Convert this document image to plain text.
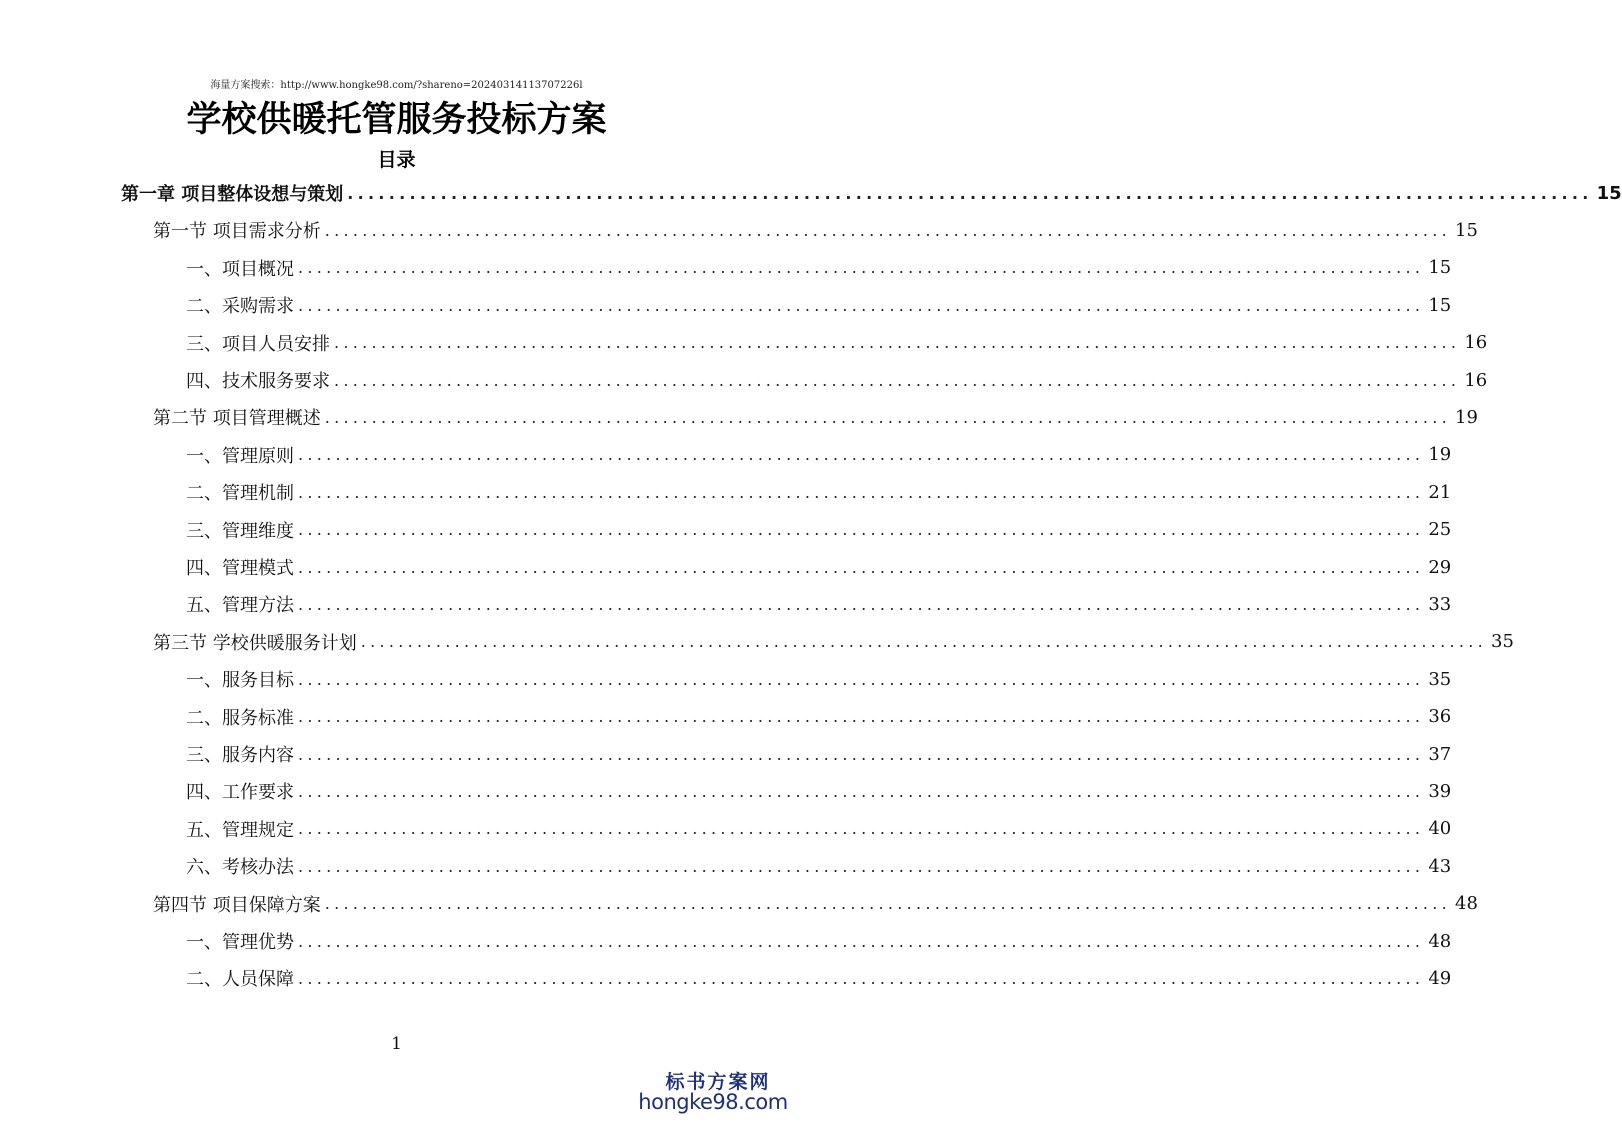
海量方案搜索：http://www.hongke98.com/?shareno=20240314113707226l
学校供暖托管服务投标方案
目录
第一章 项目整体设想与策划 ........................................................................................................................ 15
第一节 项目需求分析 ........................................................................................................................ 15
一、项目概况 ........................................................................................................................ 15
二、采购需求 ........................................................................................................................ 15
三、项目人员安排 ........................................................................................................................ 16
四、技术服务要求 ........................................................................................................................ 16
第二节 项目管理概述 ........................................................................................................................ 19
一、管理原则 ........................................................................................................................ 19
二、管理机制 ........................................................................................................................ 21
三、管理维度 ........................................................................................................................ 25
四、管理模式 ........................................................................................................................ 29
五、管理方法 ........................................................................................................................ 33
第三节 学校供暖服务计划 ........................................................................................................................ 35
一、服务目标 ........................................................................................................................ 35
二、服务标准 ........................................................................................................................ 36
三、服务内容 ........................................................................................................................ 37
四、工作要求 ........................................................................................................................ 39
五、管理规定 ........................................................................................................................ 40
六、考核办法 ........................................................................................................................ 43
第四节 项目保障方案 ........................................................................................................................ 48
一、管理优势 ........................................................................................................................ 48
二、人员保障 ........................................................................................................................ 49
1
标书方案网
hongke98.com
